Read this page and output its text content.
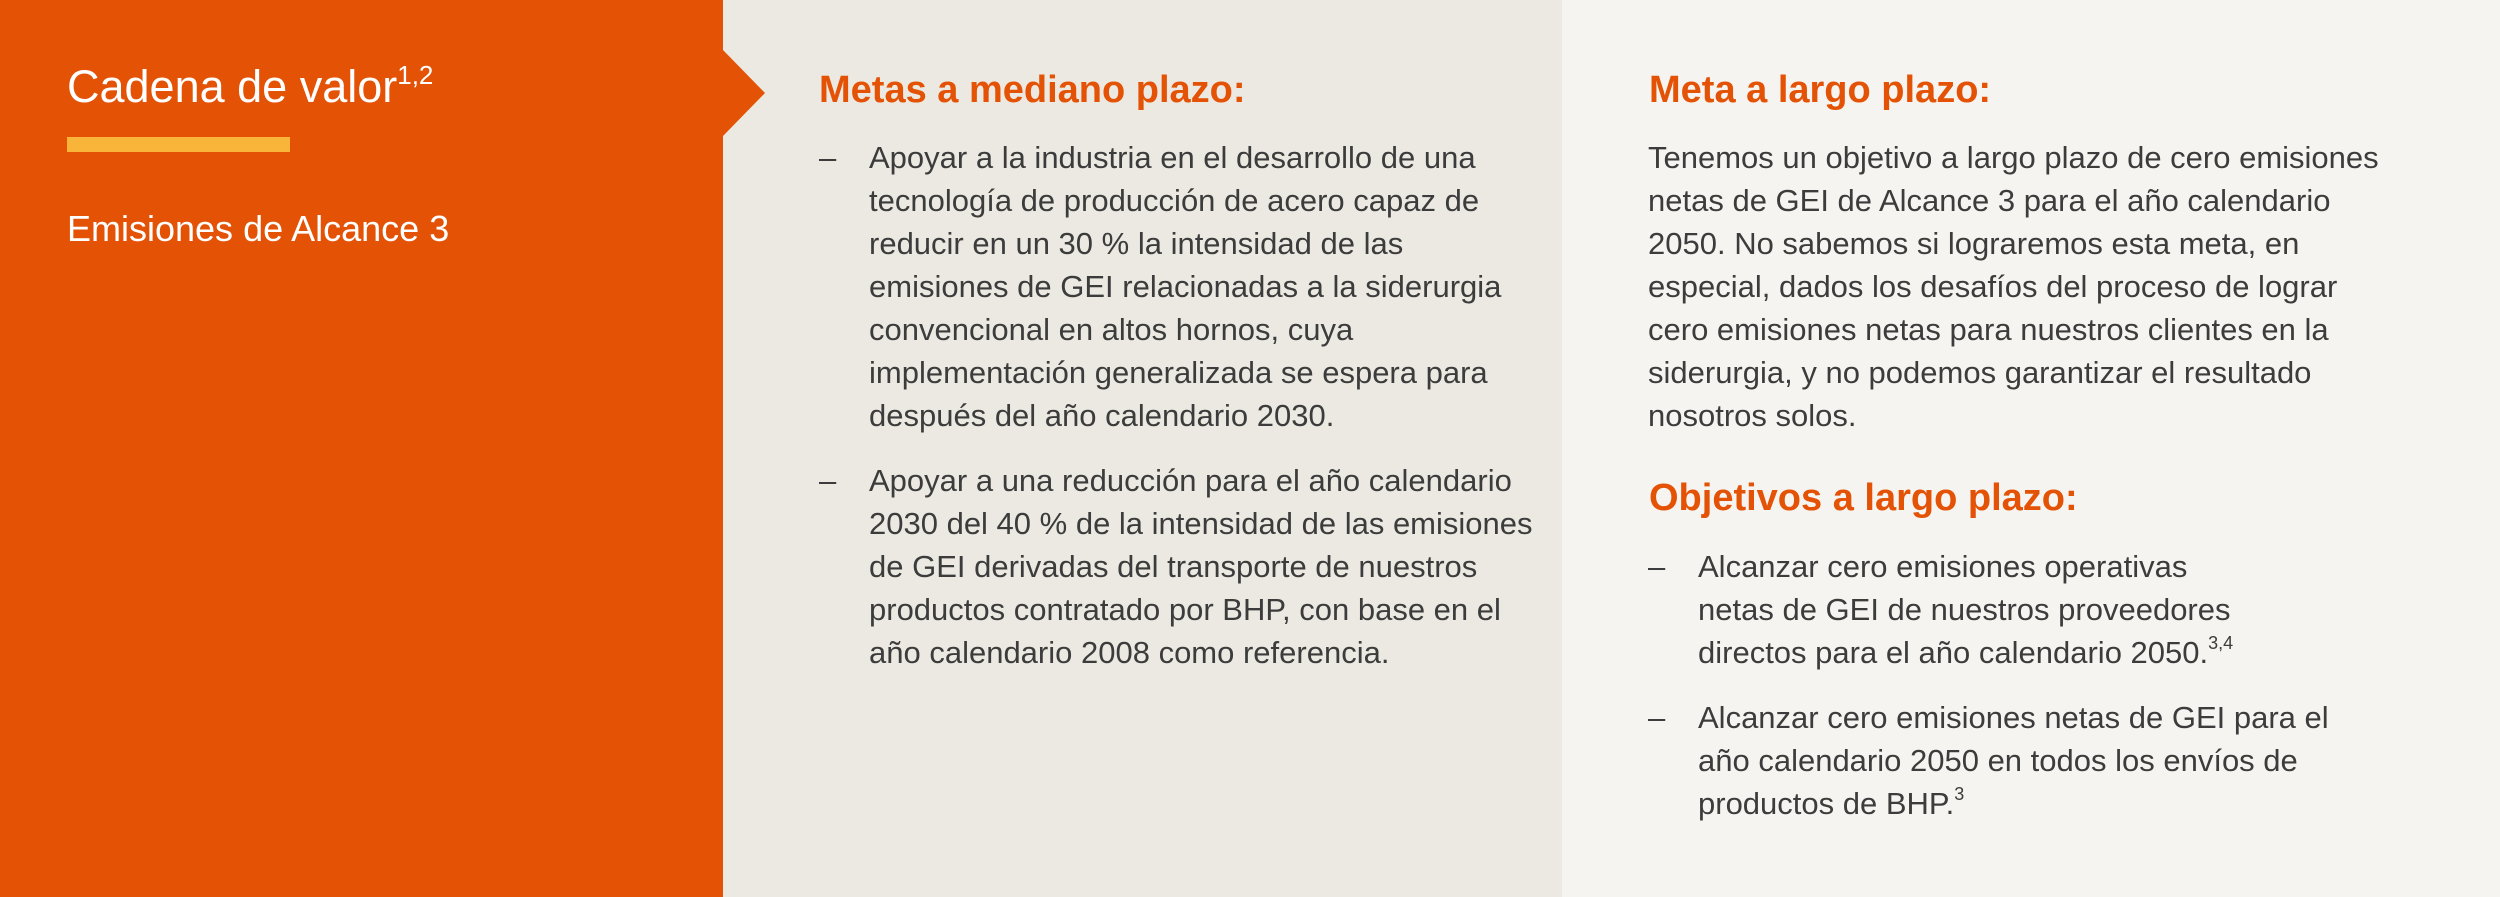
Cadena de valor$^{1,2}$
Emisiones de Alcance 3
Metas a mediano plazo:
– Apoyar a la industria en el desarrollo de una tecnología de producción de acero capaz de reducir en un 30 % la intensidad de las emisiones de GEI relacionadas a la siderurgia convencional en altos hornos, cuya implementación generalizada se espera para después del año calendario 2030.
– Apoyar a una reducción para el año calendario 2030 del 40 % de la intensidad de las emisiones de GEI derivadas del transporte de nuestros productos contratado por BHP, con base en el año calendario 2008 como referencia.
Meta a largo plazo:

Tenemos un objetivo a largo plazo de cero emisiones netas de GEI de Alcance 3 para el año calendario 2050. No sabemos si lograremos esta meta, en especial, dados los desafíos del proceso de lograr cero emisiones netas para nuestros clientes en la siderurgia, y no podemos garantizar el resultado nosotros solos.

Objetivos a largo plazo:
– Alcanzar cero emisiones operativas netas de GEI de nuestros proveedores directos para el año calendario 2050.$^{3,4}$
– Alcanzar cero emisiones netas de GEI para el año calendario 2050 en todos los envíos de productos de BHP.$^3$
